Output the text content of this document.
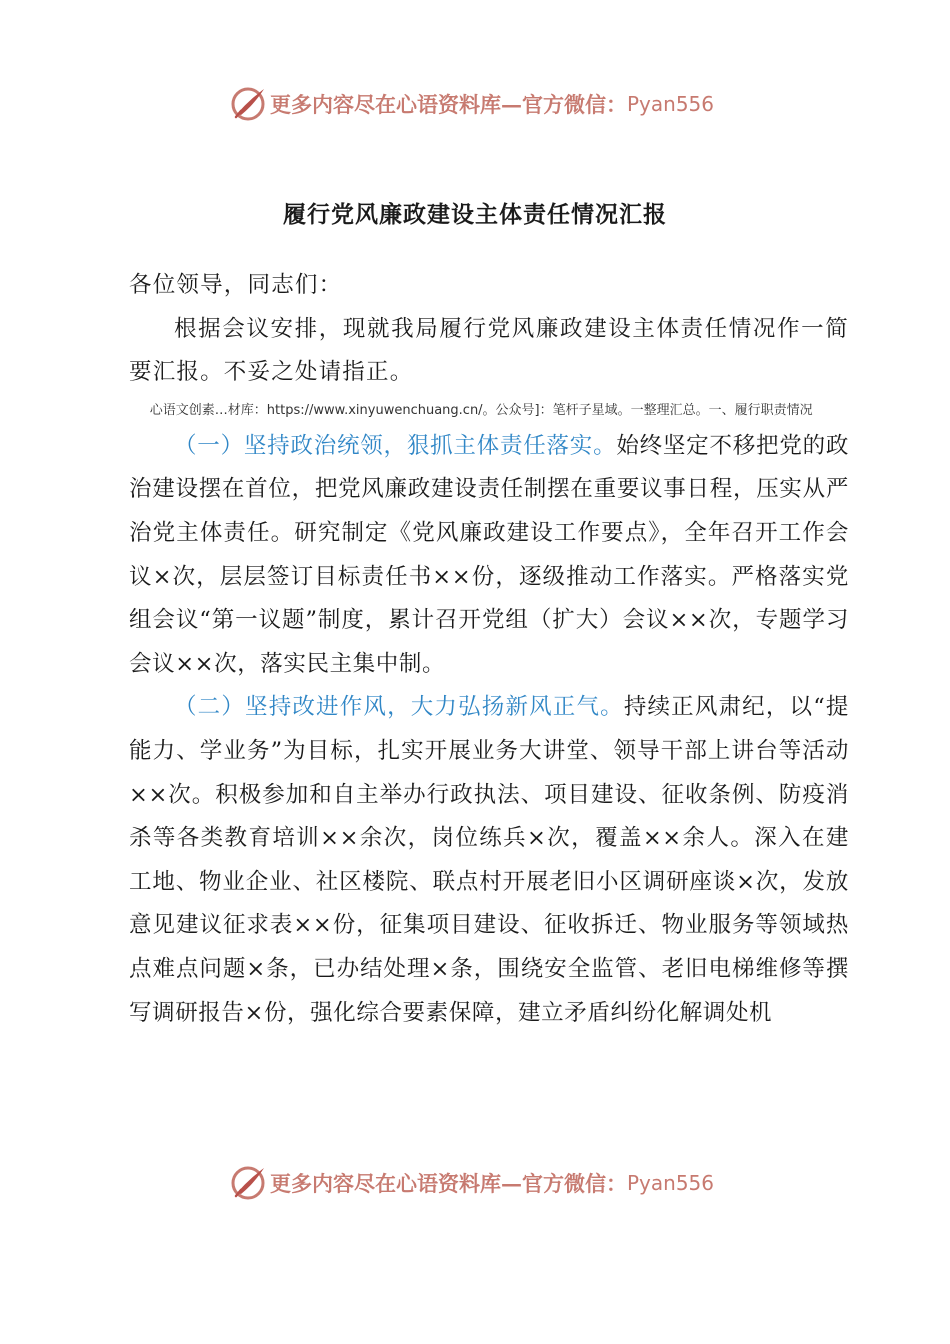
更多内容尽在心语资料库—官方微信： Pyan556
履行党风廉政建设主体责任情况汇报

各位领导，同志们：

根据会议安排，现就我局履行党风廉政建设主体责任情况作一简要汇报。不妥之处请指正。

心语文创素…材库：https://www.xinyuwenchuang.cn/。公众号]：笔杆子星域。一整理汇总。一、履行职责情况

（一）坚持政治统领，狠抓主体责任落实。始终坚定不移把党的政治建设摆在首位，把党风廉政建设责任制摆在重要议事日程，压实从严治党主体责任。研究制定《党风廉政建设工作要点》，全年召开工作会议×次，层层签订目标责任书××份，逐级推动工作落实。严格落实党组会议“第一议题”制度，累计召开党组（扩大）会议××次，专题学习会议××次，落实民主集中制。

（二）坚持改进作风，大力弘扬新风正气。持续正风肃纪，以“提能力、学业务”为目标，扎实开展业务大讲堂、领导干部上讲台等活动××次。积极参加和自主举办行政执法、项目建设、征收条例、防疫消杀等各类教育培训××余次，岗位练兵×次，覆盖××余人。深入在建工地、物业企业、社区楼院、联点村开展老旧小区调研座谈×次，发放意见建议征求表××份，征集项目建设、征收拆迁、物业服务等领域热点难点问题×条，已办结处理×条，围绕安全监管、老旧电梯维修等撰写调研报告×份，强化综合要素保障，建立矛盾纠纷化解调处机

更多内容尽在心语资料库—官方微信： Pyan556
